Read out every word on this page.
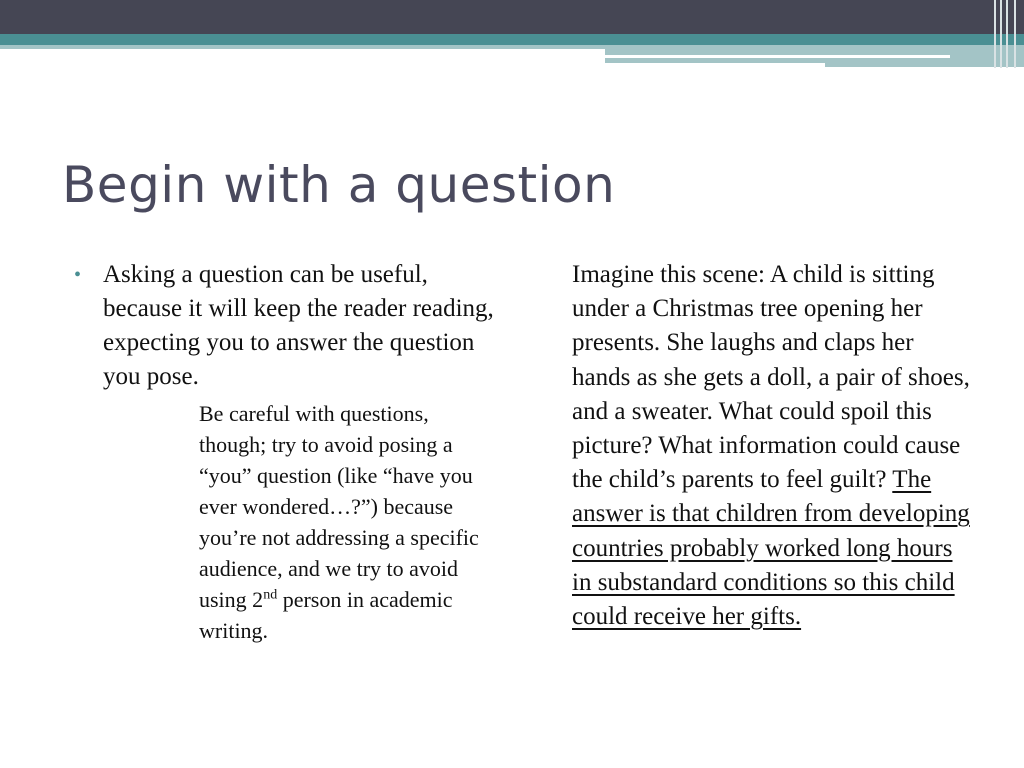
Begin with a question
• Asking a question can be useful, because it will keep the reader reading, expecting you to answer the question you pose.
Be careful with questions, though; try to avoid posing a “you” question (like “have you ever wondered…?”) because you’re not addressing a specific audience, and we try to avoid using 2nd person in academic writing.
Imagine this scene: A child is sitting under a Christmas tree opening her presents. She laughs and claps her hands as she gets a doll, a pair of shoes, and a sweater. What could spoil this picture? What information could cause the child’s parents to feel guilt? The answer is that children from developing countries probably worked long hours in substandard conditions so this child could receive her gifts.
